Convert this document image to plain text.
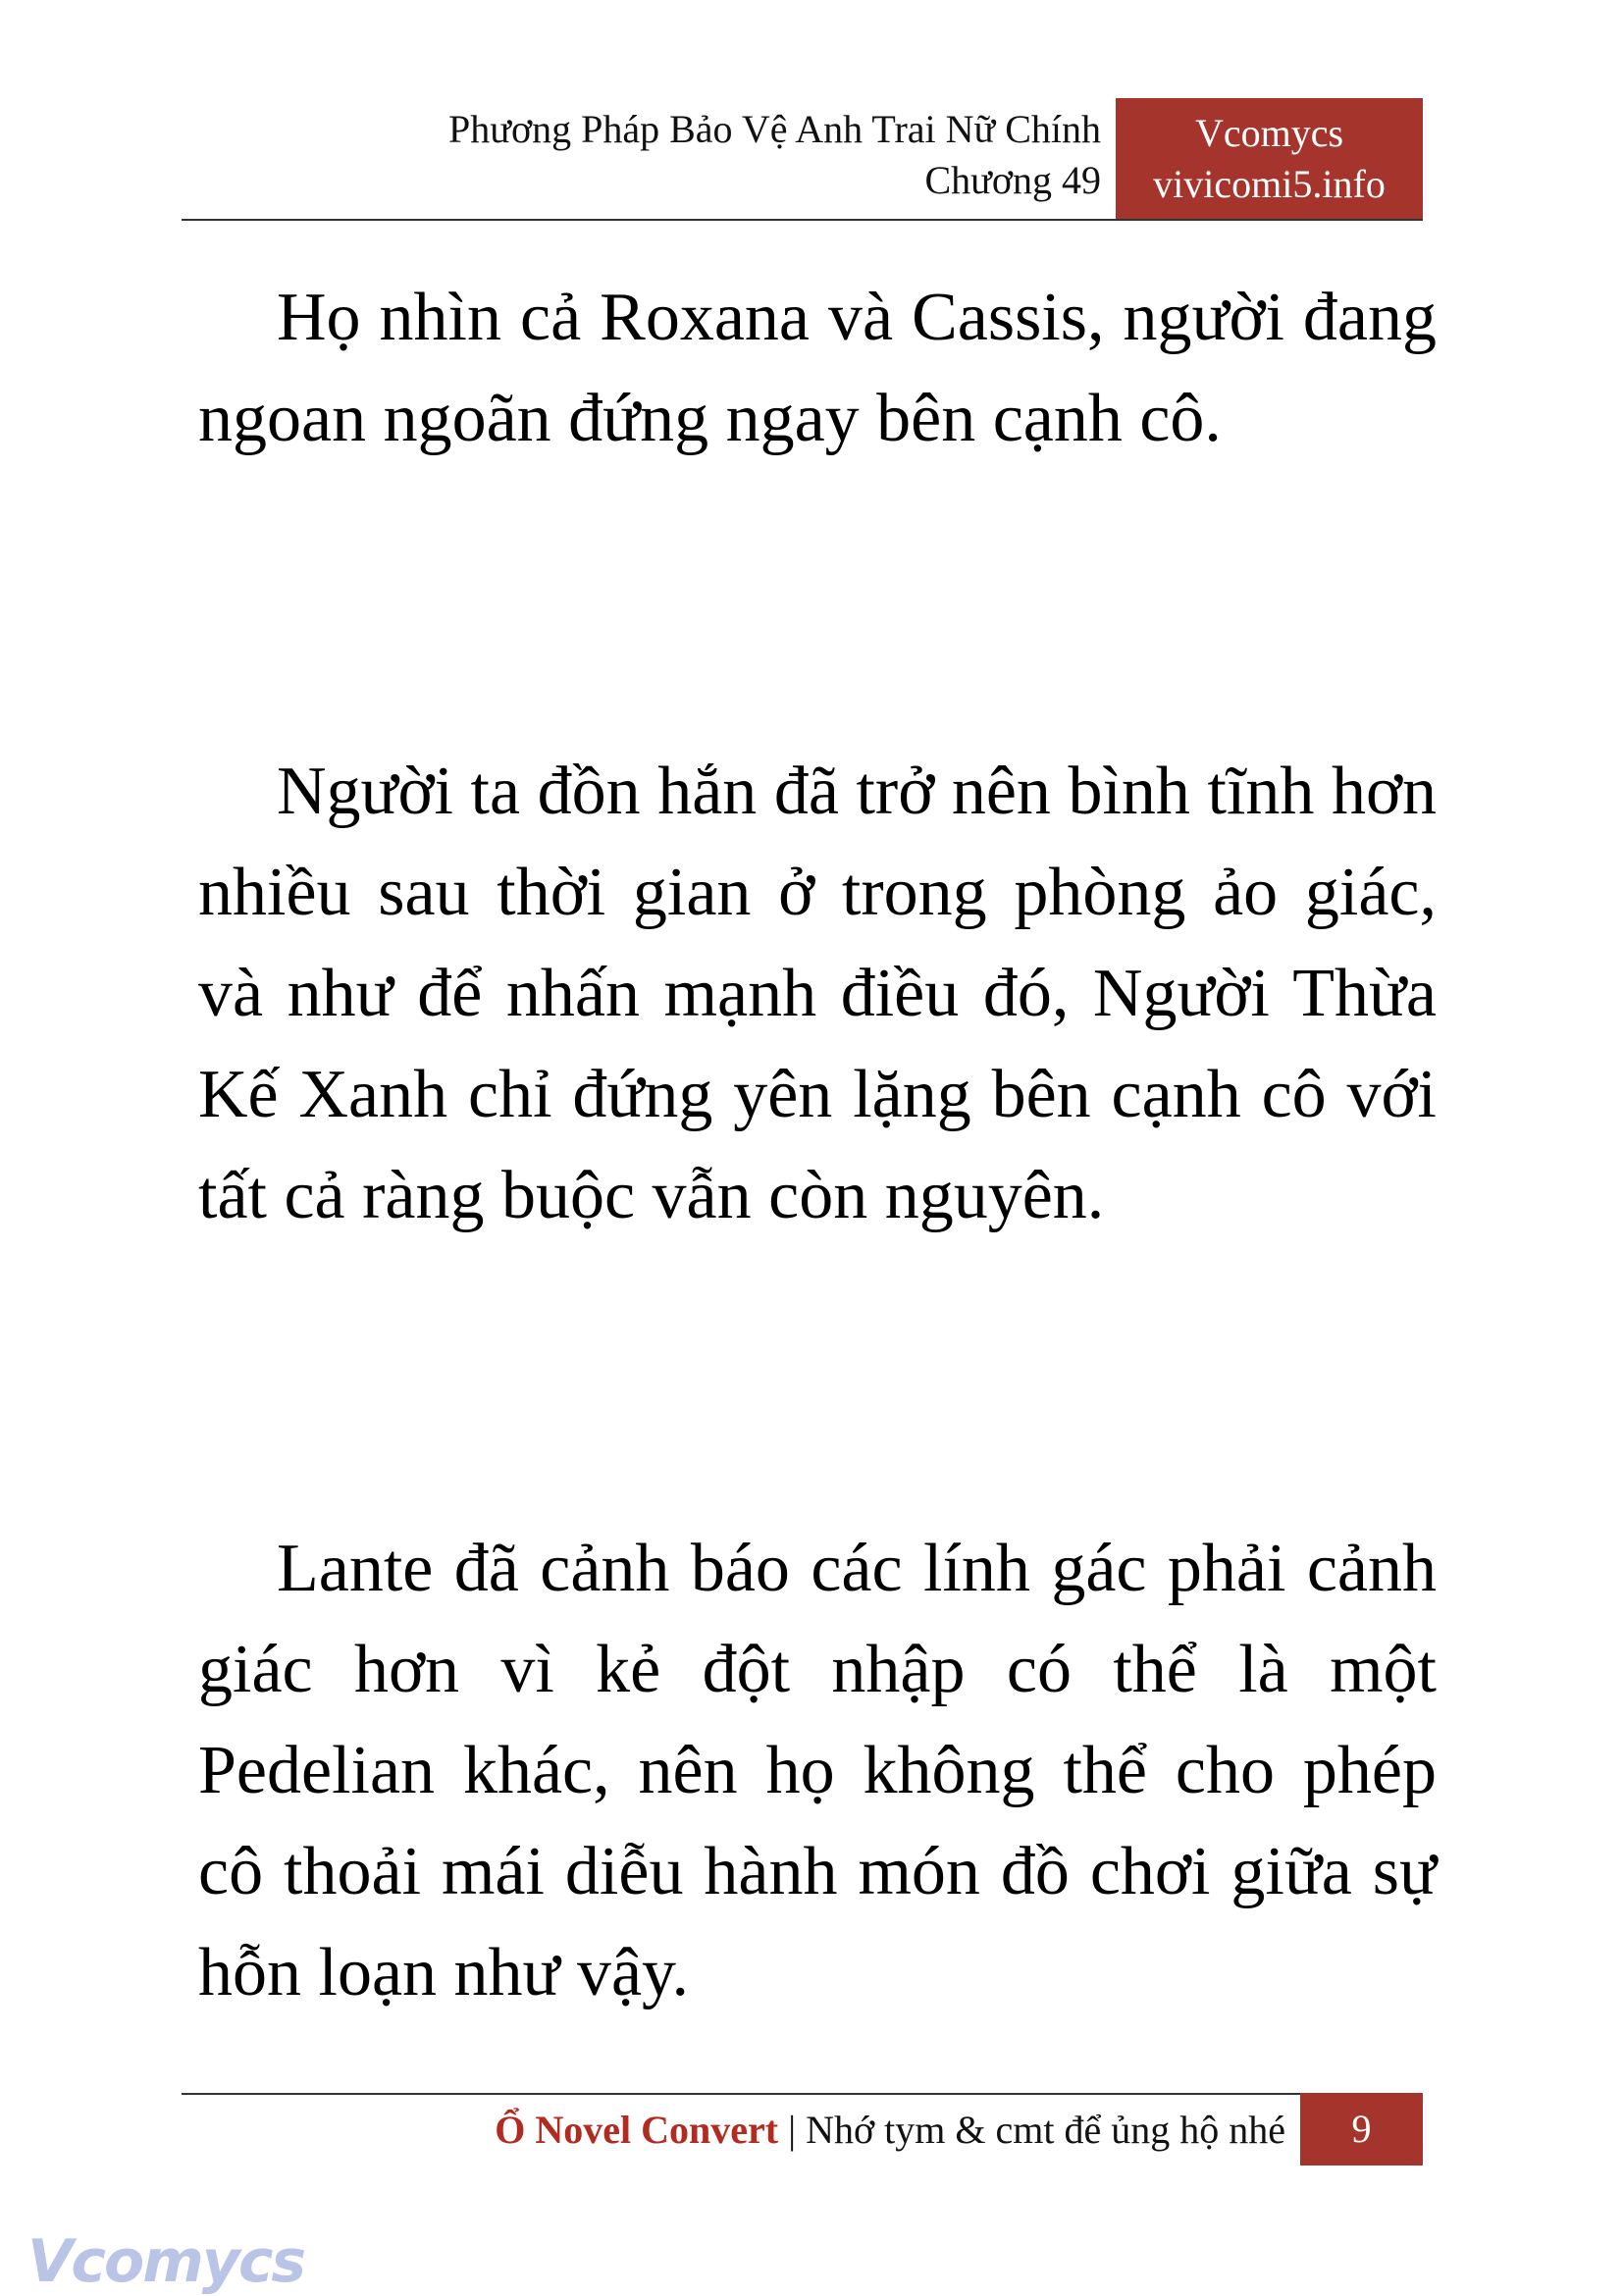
Phương Pháp Bảo Vệ Anh Trai Nữ Chính
Chương 49
Vcomycs
vivicomi5.info

Họ nhìn cả Roxana và Cassis, người đang ngoan ngoãn đứng ngay bên cạnh cô.

Người ta đồn hắn đã trở nên bình tĩnh hơn nhiều sau thời gian ở trong phòng ảo giác, và như để nhấn mạnh điều đó, Người Thừa Kế Xanh chỉ đứng yên lặng bên cạnh cô với tất cả ràng buộc vẫn còn nguyên.

Lante đã cảnh báo các lính gác phải cảnh giác hơn vì kẻ đột nhập có thể là một Pedelian khác, nên họ không thể cho phép cô thoải mái diễu hành món đồ chơi giữa sự hỗn loạn như vậy.

Ổ Novel Convert | Nhớ tym & cmt để ủng hộ nhé	9
Vcomycs
